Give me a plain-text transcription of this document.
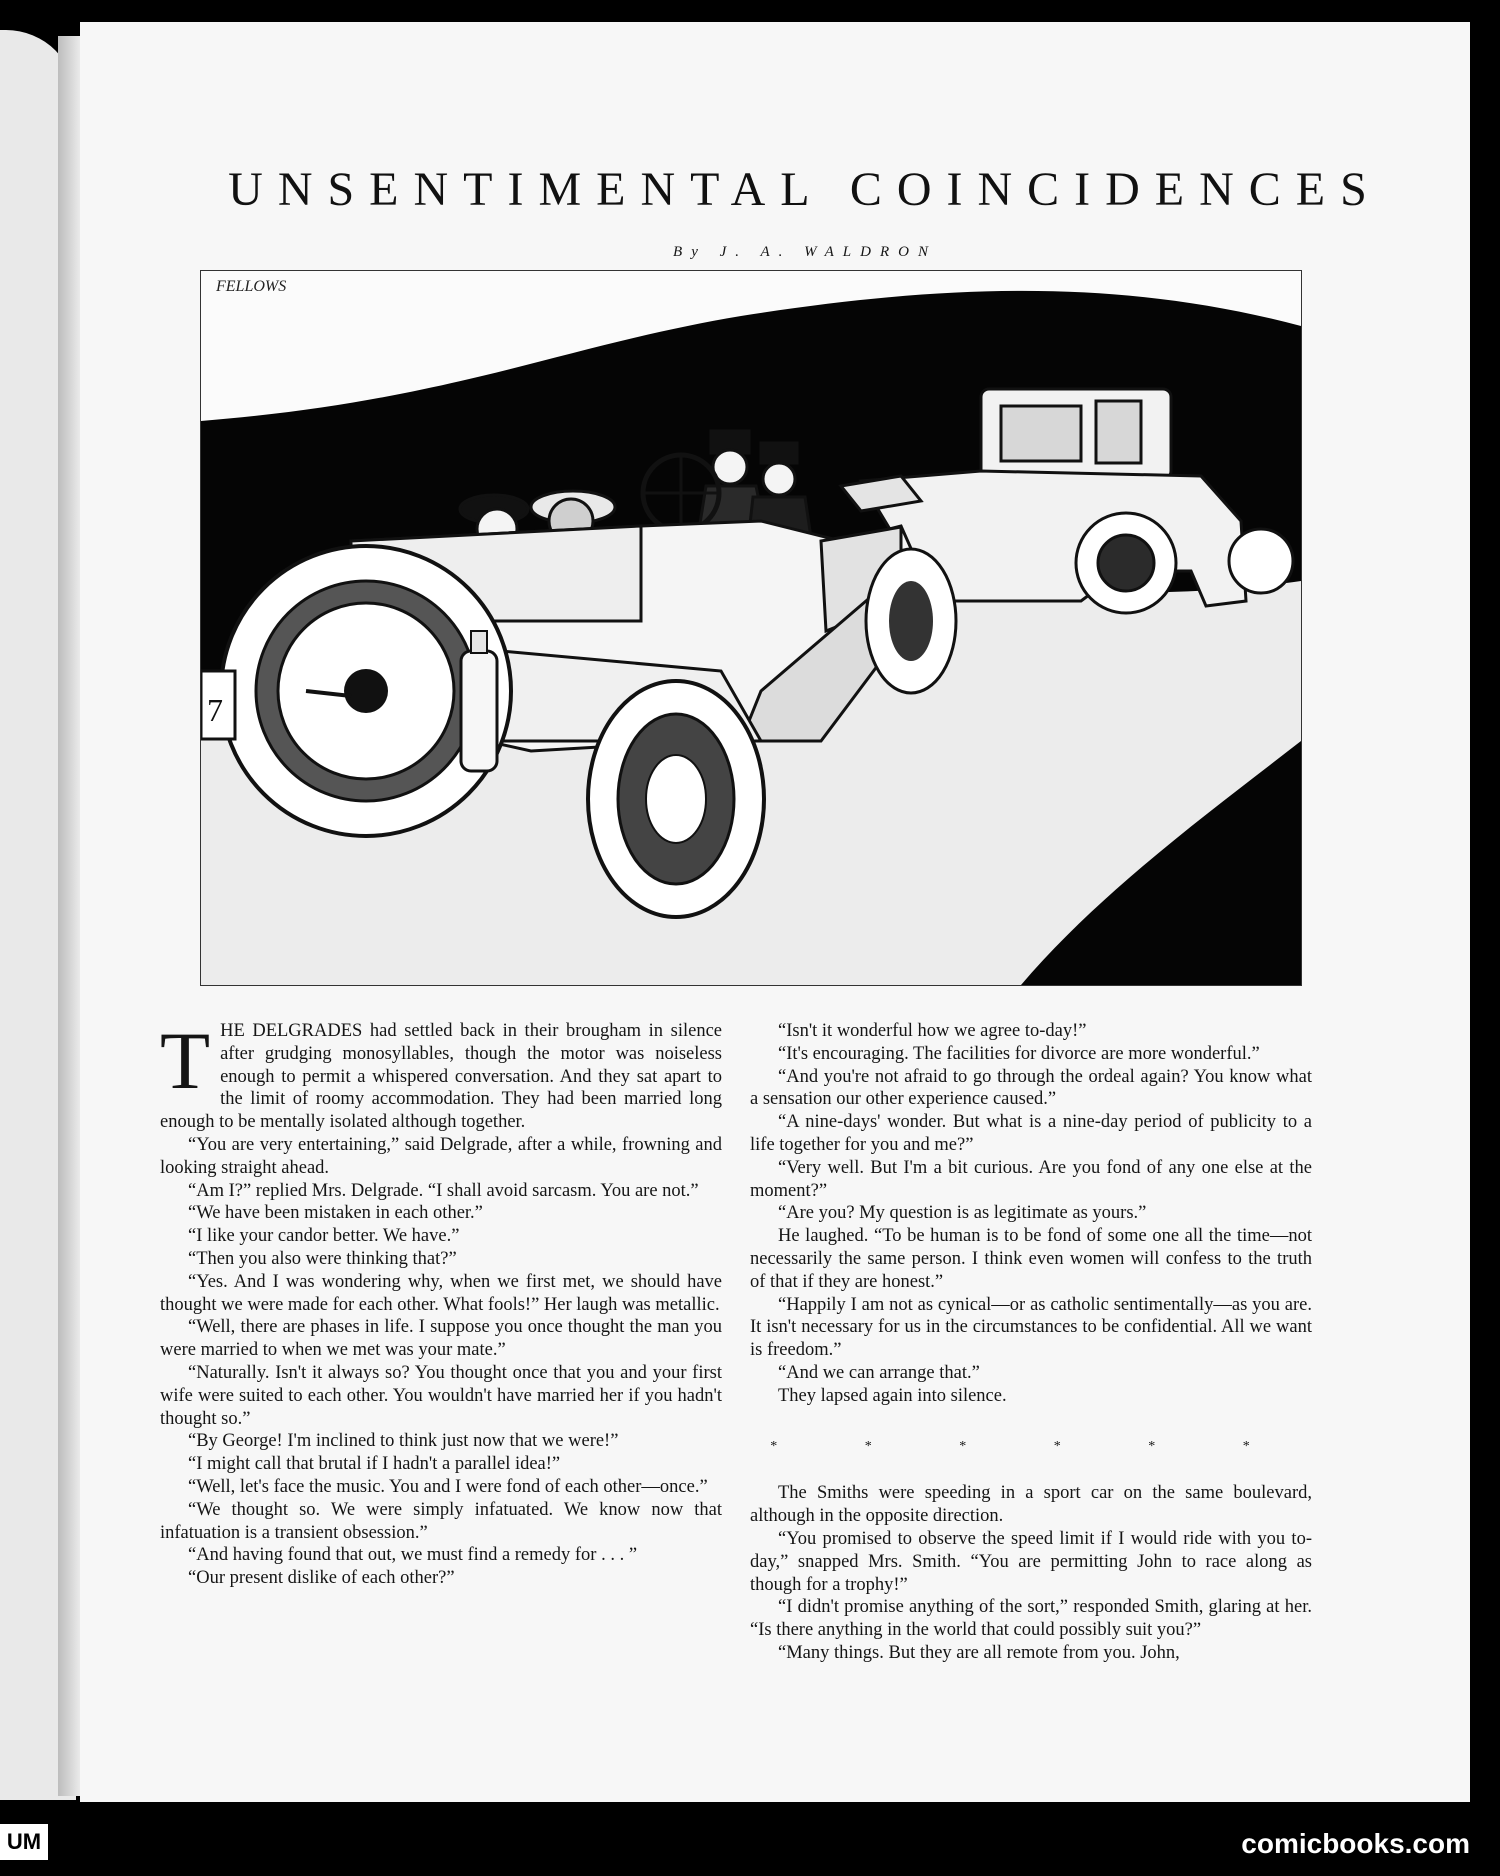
UM
UNSENTIMENTAL COINCIDENCES

By J. A. WALDRON

7
FELLOWS

THE DELGRADES had settled back in their brougham in silence after grudging monosyllables, though the motor was noiseless enough to permit a whispered conversation. And they sat apart to the limit of roomy accommodation. They had been married long enough to be mentally isolated although together.

“You are very entertaining,” said Delgrade, after a while, frowning and looking straight ahead.

“Am I?” replied Mrs. Delgrade. “I shall avoid sarcasm. You are not.”

“We have been mistaken in each other.”

“I like your candor better. We have.”

“Then you also were thinking that?”

“Yes. And I was wondering why, when we first met, we should have thought we were made for each other. What fools!” Her laugh was metallic.

“Well, there are phases in life. I suppose you once thought the man you were married to when we met was your mate.”

“Naturally. Isn't it always so? You thought once that you and your first wife were suited to each other. You wouldn't have married her if you hadn't thought so.”

“By George! I'm inclined to think just now that we were!”

“I might call that brutal if I hadn't a parallel idea!”

“Well, let's face the music. You and I were fond of each other—once.”

“We thought so. We were simply infatuated. We know now that infatuation is a transient obsession.”

“And having found that out, we must find a remedy for . . . ”

“Our present dislike of each other?”

“Isn't it wonderful how we agree to-day!”

“It's encouraging. The facilities for divorce are more wonderful.”

“And you're not afraid to go through the ordeal again? You know what a sensation our other experience caused.”

“A nine-days' wonder. But what is a nine-day period of publicity to a life together for you and me?”

“Very well. But I'm a bit curious. Are you fond of any one else at the moment?”

“Are you? My question is as legitimate as yours.”

He laughed. “To be human is to be fond of some one all the time—not necessarily the same person. I think even women will confess to the truth of that if they are honest.”

“Happily I am not as cynical—or as catholic sentimentally—as you are. It isn't necessary for us in the circumstances to be confidential. All we want is freedom.”

“And we can arrange that.”

They lapsed again into silence.

* * * * * *

The Smiths were speeding in a sport car on the same boulevard, although in the opposite direction.

“You promised to observe the speed limit if I would ride with you to-day,” snapped Mrs. Smith. “You are permitting John to race along as though for a trophy!”

“I didn't promise anything of the sort,” responded Smith, glaring at her. “Is there anything in the world that could possibly suit you?”

“Many things. But they are all remote from you. John,

comicbooks.com
